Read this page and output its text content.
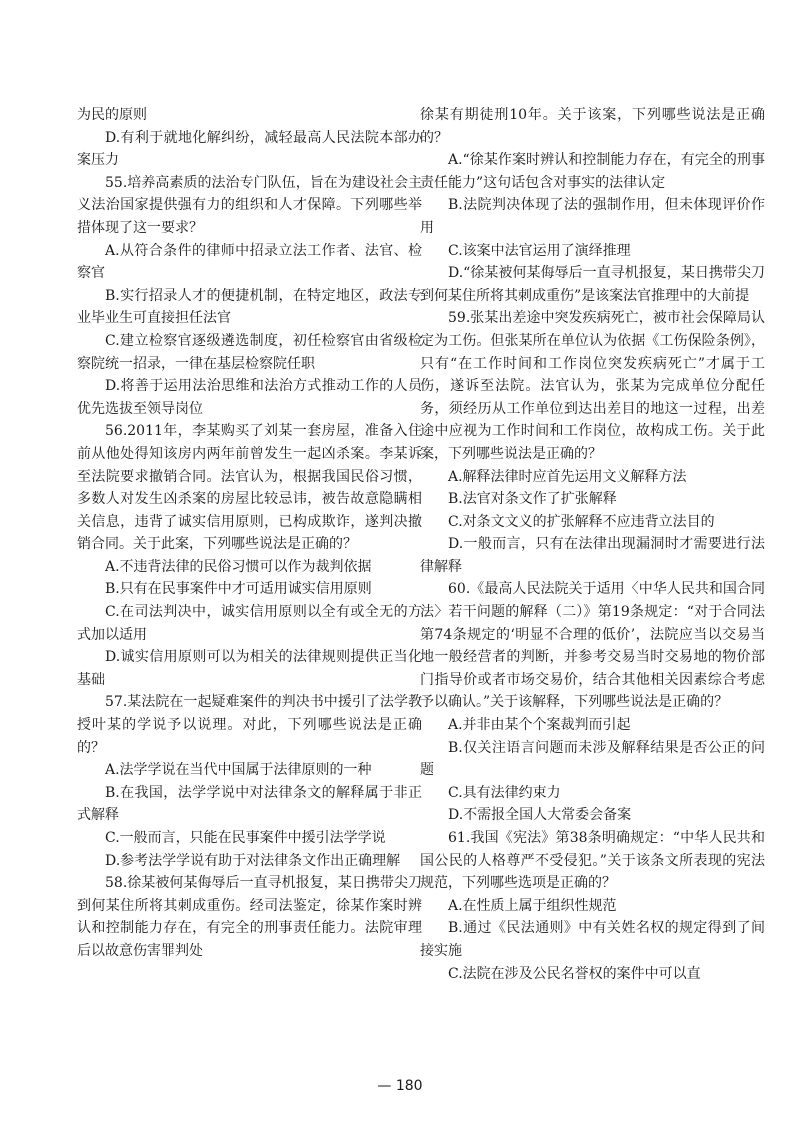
为民的原则

D.有利于就地化解纠纷，减轻最高人民法院本部办案压力

55.培养高素质的法治专门队伍，旨在为建设社会主义法治国家提供强有力的组织和人才保障。下列哪些举措体现了这一要求？

A.从符合条件的律师中招录立法工作者、法官、检察官

B.实行招录人才的便捷机制，在特定地区，政法专业毕业生可直接担任法官

C.建立检察官逐级遴选制度，初任检察官由省级检察院统一招录，一律在基层检察院任职

D.将善于运用法治思维和法治方式推动工作的人员优先选拔至领导岗位

56.2011年，李某购买了刘某一套房屋，准备入住前从他处得知该房内两年前曾发生一起凶杀案。李某诉至法院要求撤销合同。法官认为，根据我国民俗习惯，多数人对发生凶杀案的房屋比较忌讳，被告故意隐瞒相关信息，违背了诚实信用原则，已构成欺诈，遂判决撤销合同。关于此案，下列哪些说法是正确的？

A.不违背法律的民俗习惯可以作为裁判依据

B.只有在民事案件中才可适用诚实信用原则

C.在司法判决中，诚实信用原则以全有或全无的方式加以适用

D.诚实信用原则可以为相关的法律规则提供正当化基础

57.某法院在一起疑难案件的判决书中援引了法学教授叶某的学说予以说理。对此，下列哪些说法是正确的？

A.法学学说在当代中国属于法律原则的一种

B.在我国，法学学说中对法律条文的解释属于非正式解释

C.一般而言，只能在民事案件中援引法学学说

D.参考法学学说有助于对法律条文作出正确理解

58.徐某被何某侮辱后一直寻机报复，某日携带尖刀到何某住所将其刺成重伤。经司法鉴定，徐某作案时辨认和控制能力存在，有完全的刑事责任能力。法院审理后以故意伤害罪判处

徐某有期徒刑10年。关于该案，下列哪些说法是正确的？

A.“徐某作案时辨认和控制能力存在，有完全的刑事责任能力”这句话包含对事实的法律认定

B.法院判决体现了法的强制作用，但未体现评价作用

C.该案中法官运用了演绎推理

D.“徐某被何某侮辱后一直寻机报复，某日携带尖刀到何某住所将其刺成重伤”是该案法官推理中的大前提

59.张某出差途中突发疾病死亡，被市社会保障局认定为工伤。但张某所在单位认为依据《工伤保险条例》，只有“在工作时间和工作岗位突发疾病死亡”才属于工伤，遂诉至法院。法官认为，张某为完成单位分配任务，须经历从工作单位到达出差目的地这一过程，出差途中应视为工作时间和工作岗位，故构成工伤。关于此案，下列哪些说法是正确的？

A.解释法律时应首先运用文义解释方法

B.法官对条文作了扩张解释

C.对条文文义的扩张解释不应违背立法目的

D.一般而言，只有在法律出现漏洞时才需要进行法律解释

60.《最高人民法院关于适用〈中华人民共和国合同法〉若干问题的解释（二）》第19条规定：“对于合同法第74条规定的‘明显不合理的低价’，法院应当以交易当地一般经营者的判断，并参考交易当时交易地的物价部门指导价或者市场交易价，结合其他相关因素综合考虑予以确认。”关于该解释，下列哪些说法是正确的？

A.并非由某个个案裁判而引起

B.仅关注语言问题而未涉及解释结果是否公正的问题

C.具有法律约束力

D.不需报全国人大常委会备案

61.我国《宪法》第38条明确规定：“中华人民共和国公民的人格尊严不受侵犯。”关于该条文所表现的宪法规范，下列哪些选项是正确的？

A.在性质上属于组织性规范

B.通过《民法通则》中有关姓名权的规定得到了间接实施

C.法院在涉及公民名誉权的案件中可以直

— 180
